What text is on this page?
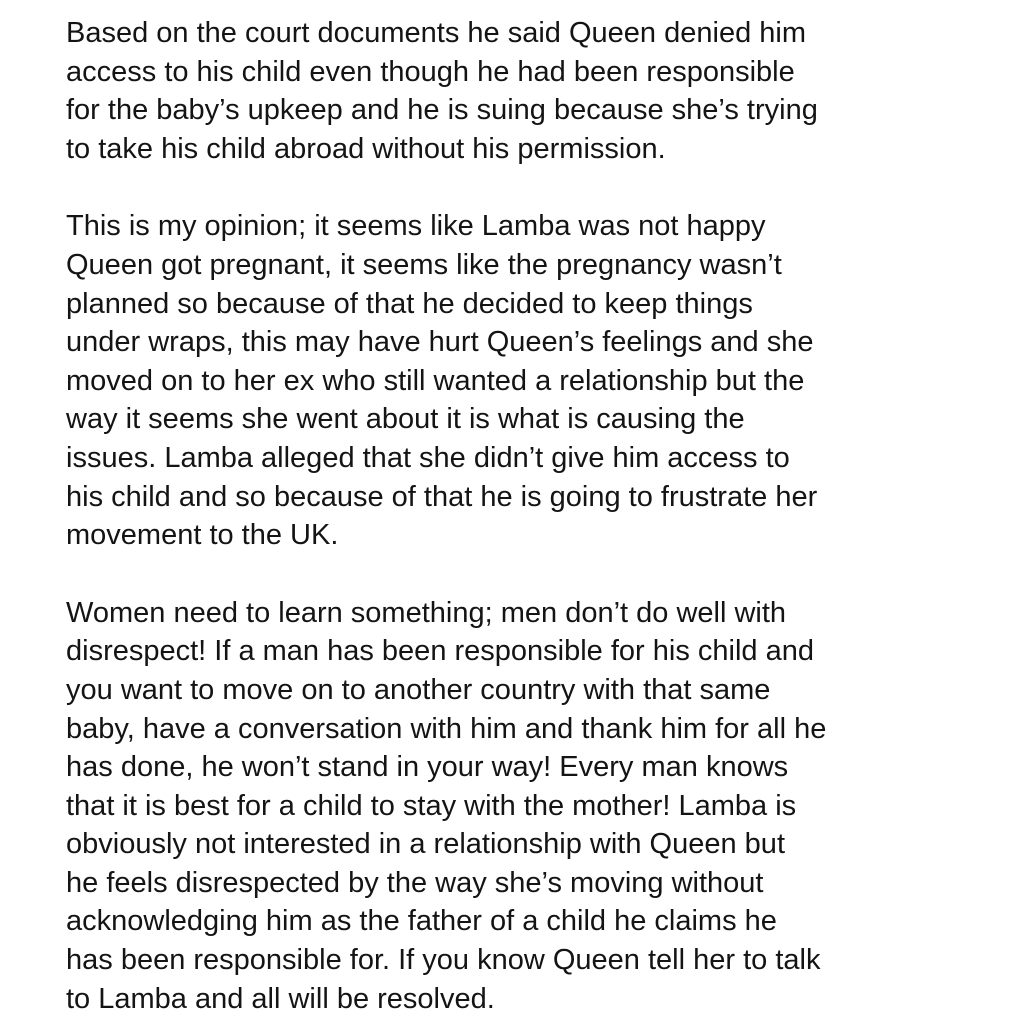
Based on the court documents he said Queen denied him
access to his child even though he had been responsible
for the baby’s upkeep and he is suing because she’s trying
to take his child abroad without his permission.

This is my opinion; it seems like Lamba was not happy
Queen got pregnant, it seems like the pregnancy wasn’t
planned so because of that he decided to keep things
under wraps, this may have hurt Queen’s feelings and she
moved on to her ex who still wanted a relationship but the
way it seems she went about it is what is causing the
issues. Lamba alleged that she didn’t give him access to
his child and so because of that he is going to frustrate her
movement to the UK.

Women need to learn something; men don’t do well with
disrespect! If a man has been responsible for his child and
you want to move on to another country with that same
baby, have a conversation with him and thank him for all he
has done, he won’t stand in your way! Every man knows
that it is best for a child to stay with the mother! Lamba is
obviously not interested in a relationship with Queen but
he feels disrespected by the way she’s moving without
acknowledging him as the father of a child he claims he
has been responsible for. If you know Queen tell her to talk
to Lamba and all will be resolved.
